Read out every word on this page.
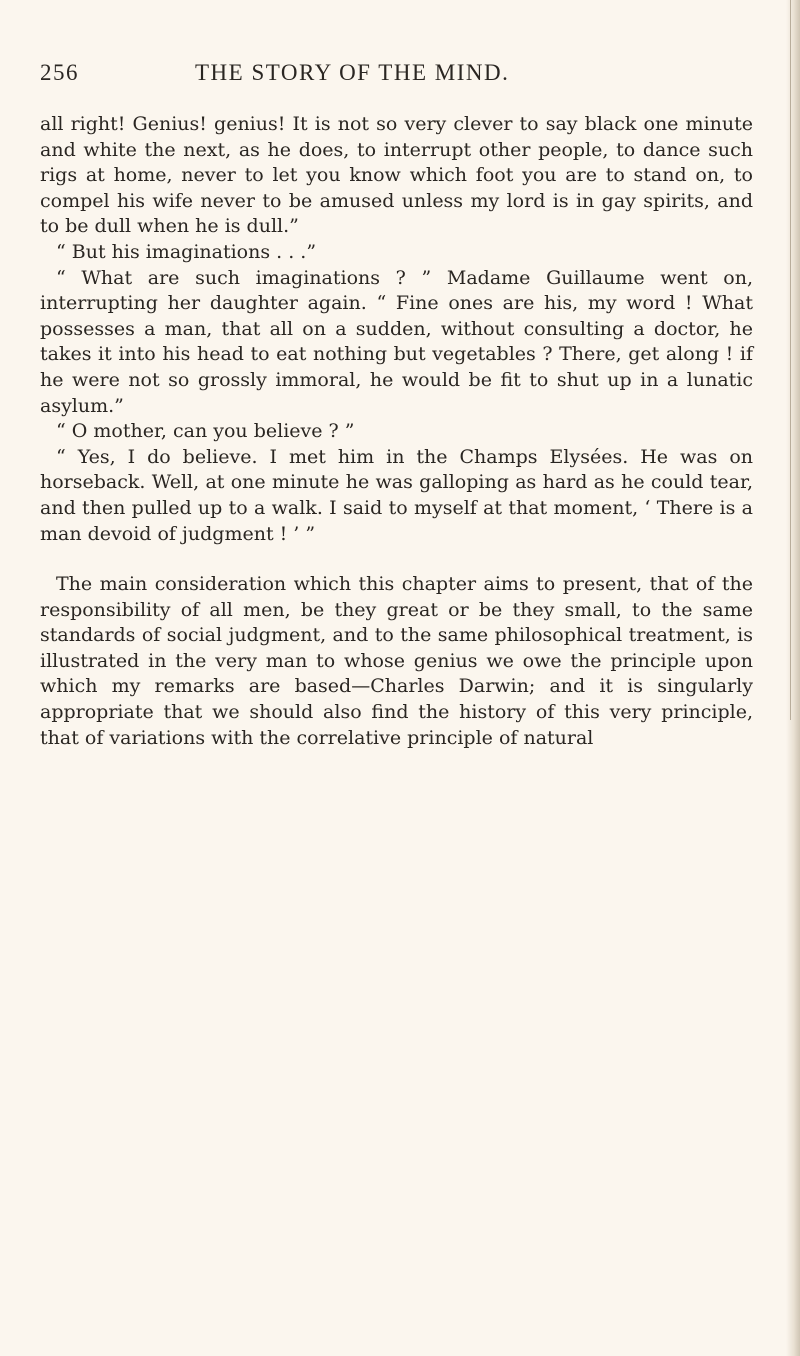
256	THE STORY OF THE MIND.

all right! Genius! genius! It is not so very clever to say black one minute and white the next, as he does, to interrupt other people, to dance such rigs at home, never to let you know which foot you are to stand on, to compel his wife never to be amused unless my lord is in gay spirits, and to be dull when he is dull.”

“ But his imaginations . . .”

“ What are such imaginations ? ” Madame Guillaume went on, interrupting her daughter again. “ Fine ones are his, my word ! What possesses a man, that all on a sudden, without consulting a doctor, he takes it into his head to eat nothing but vegetables ? There, get along ! if he were not so grossly immoral, he would be fit to shut up in a lunatic asylum.”

“ O mother, can you believe ? ”

“ Yes, I do believe. I met him in the Champs Elysées. He was on horseback. Well, at one minute he was galloping as hard as he could tear, and then pulled up to a walk. I said to myself at that moment, ‘ There is a man devoid of judgment ! ’ ”

The main consideration which this chapter aims to present, that of the responsibility of all men, be they great or be they small, to the same standards of social judgment, and to the same philosophical treatment, is illustrated in the very man to whose genius we owe the principle upon which my remarks are based—Charles Darwin; and it is singularly appropriate that we should also find the history of this very principle, that of variations with the correlative principle of natural
